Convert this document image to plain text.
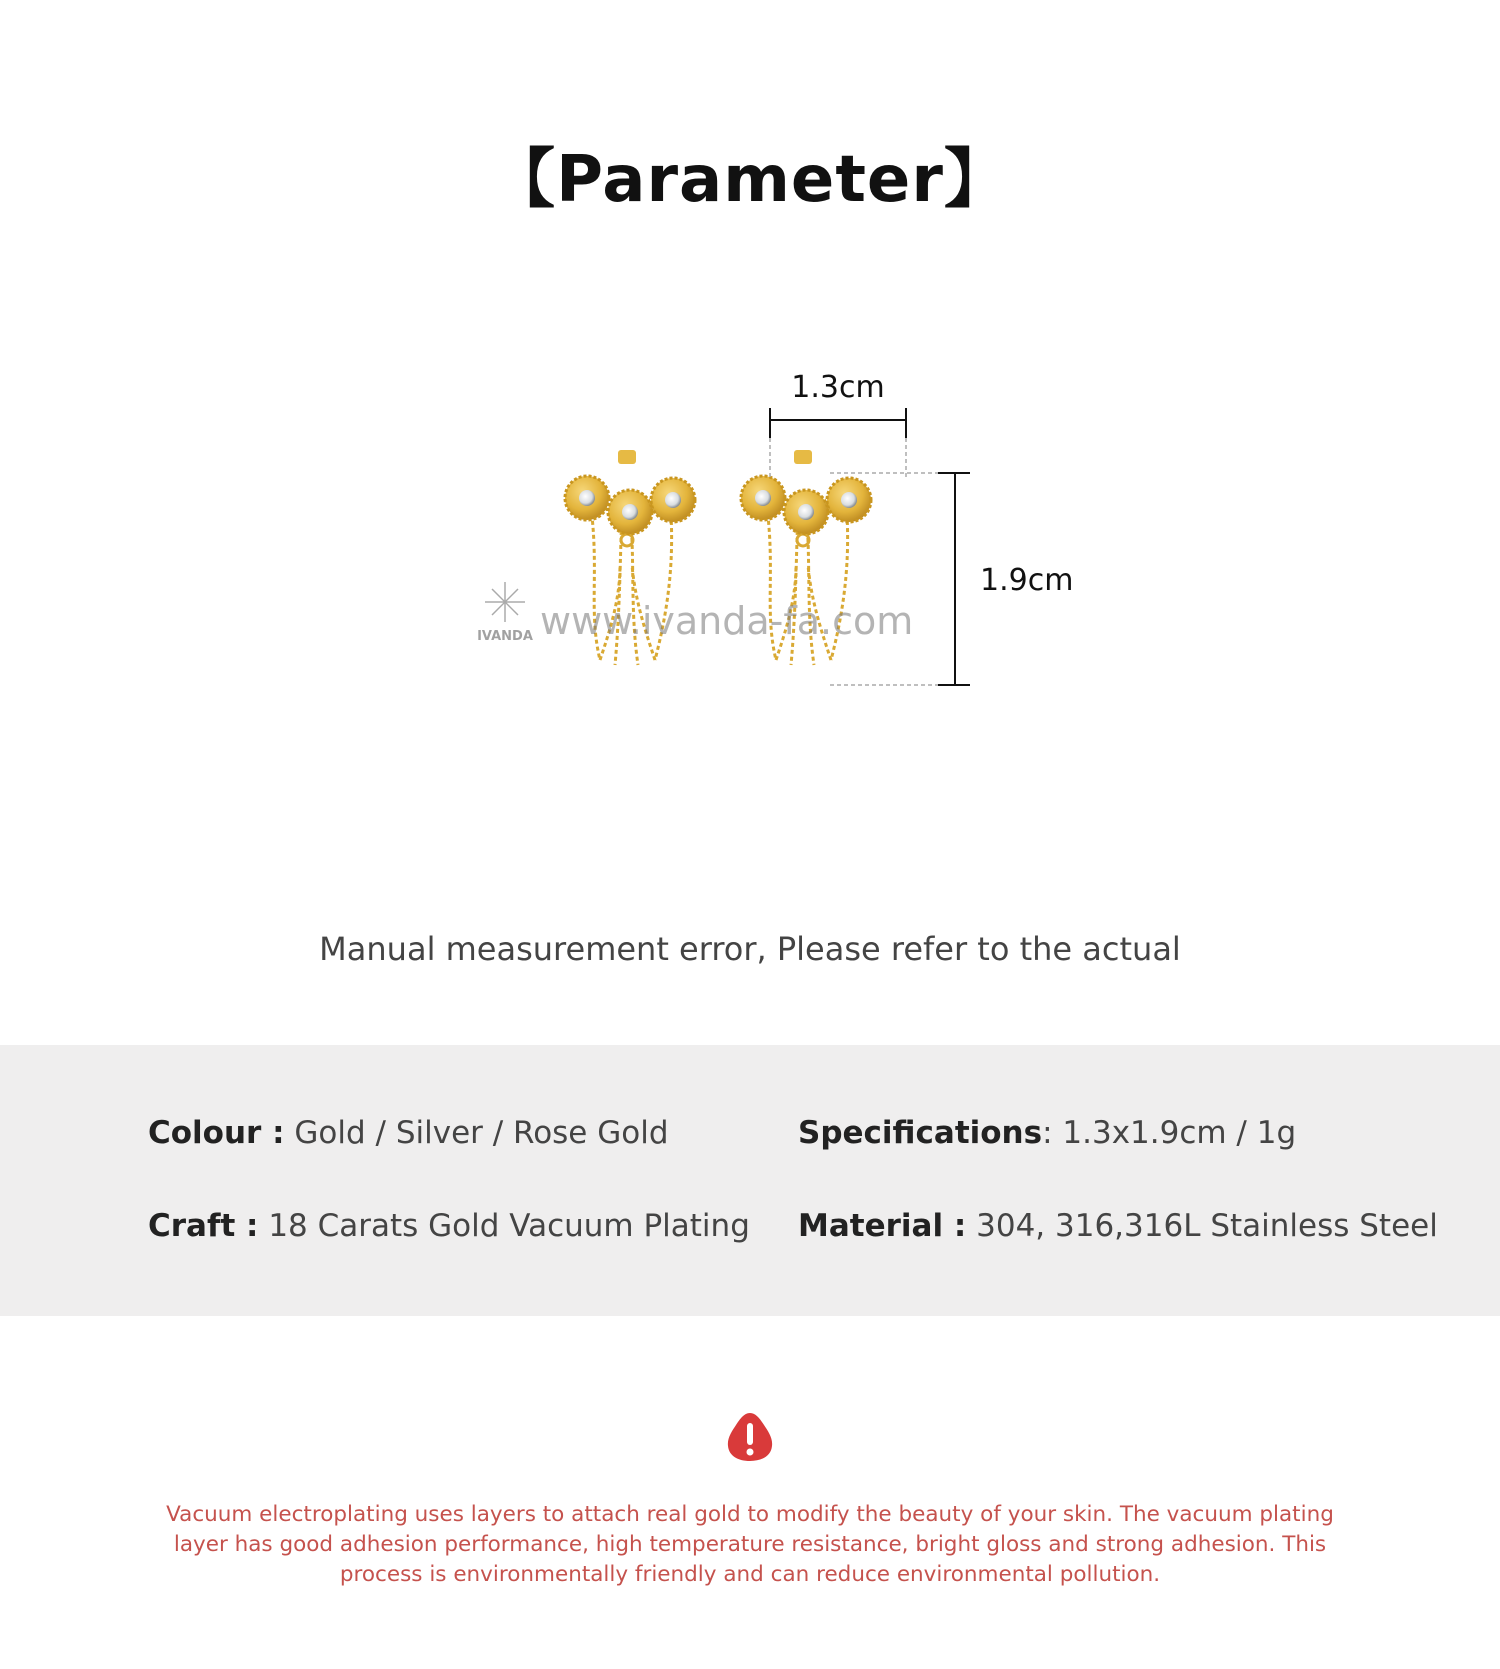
【Parameter】
1.3cm
1.9cm
IVANDA www.ivanda-fa.com
Manual measurement error, Please refer to the actual
Colour : Gold / Silver / Rose Gold	Specifications: 1.3x1.9cm / 1g
Craft : 18 Carats Gold Vacuum Plating Material : 304, 316,316L Stainless Steel
Vacuum electroplating uses layers to attach real gold to modify the beauty of your skin. The vacuum plating layer has good adhesion performance, high temperature resistance, bright gloss and strong adhesion. This process is environmentally friendly and can reduce environmental pollution.
